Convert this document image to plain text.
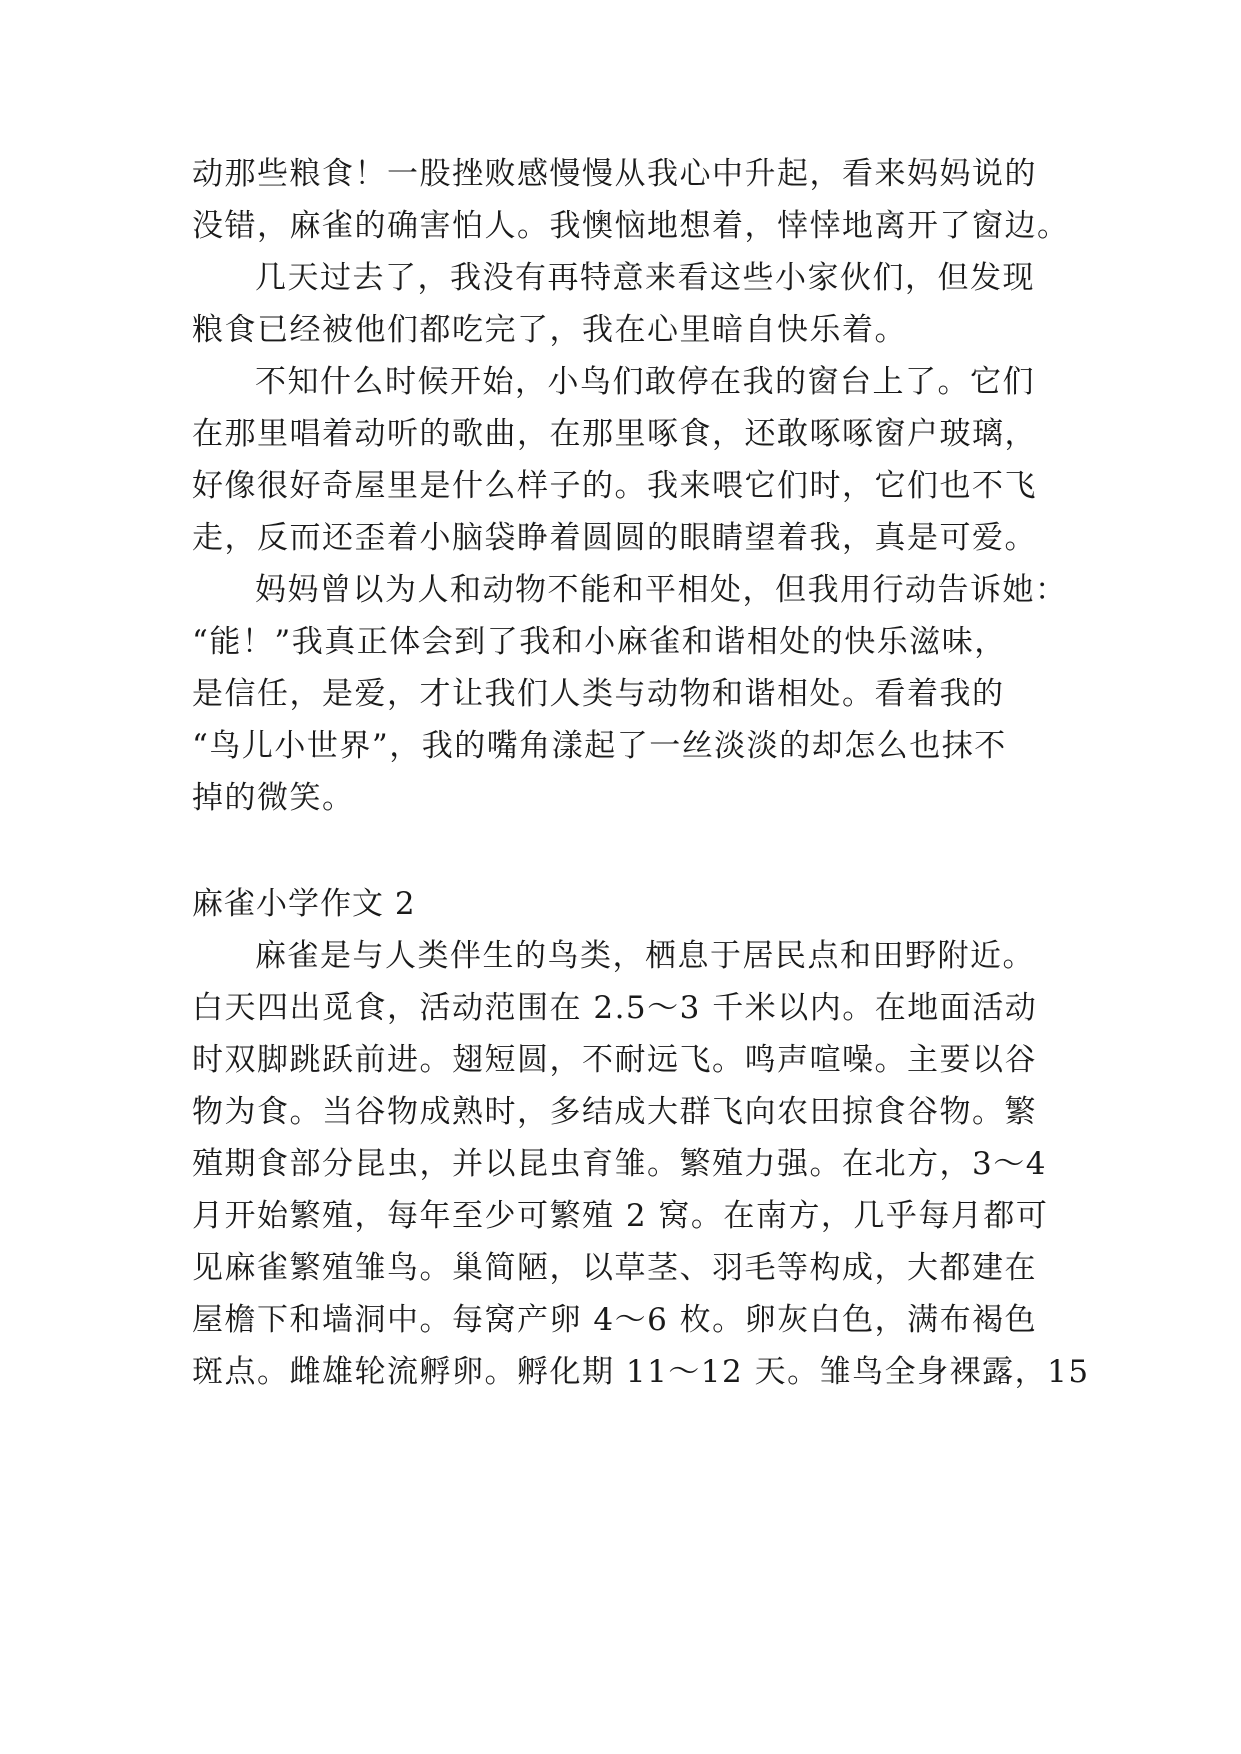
动那些粮食！一股挫败感慢慢从我心中升起，看来妈妈说的
没错，麻雀的确害怕人。我懊恼地想着，悻悻地离开了窗边。
几天过去了，我没有再特意来看这些小家伙们，但发现
粮食已经被他们都吃完了，我在心里暗自快乐着。
不知什么时候开始，小鸟们敢停在我的窗台上了。它们
在那里唱着动听的歌曲，在那里啄食，还敢啄啄窗户玻璃，
好像很好奇屋里是什么样子的。我来喂它们时，它们也不飞
走，反而还歪着小脑袋睁着圆圆的眼睛望着我，真是可爱。
妈妈曾以为人和动物不能和平相处，但我用行动告诉她：
“能！”我真正体会到了我和小麻雀和谐相处的快乐滋味，
是信任，是爱，才让我们人类与动物和谐相处。看着我的
“鸟儿小世界”，我的嘴角漾起了一丝淡淡的却怎么也抹不
掉的微笑。
麻雀小学作文 2
麻雀是与人类伴生的鸟类，栖息于居民点和田野附近。
白天四出觅食，活动范围在 2.5～3 千米以内。在地面活动
时双脚跳跃前进。翅短圆，不耐远飞。鸣声喧噪。主要以谷
物为食。当谷物成熟时，多结成大群飞向农田掠食谷物。繁
殖期食部分昆虫，并以昆虫育雏。繁殖力强。在北方，3～4
月开始繁殖，每年至少可繁殖 2 窝。在南方，几乎每月都可
见麻雀繁殖雏鸟。巢简陋，以草茎、羽毛等构成，大都建在
屋檐下和墙洞中。每窝产卵 4～6 枚。卵灰白色，满布褐色
斑点。雌雄轮流孵卵。孵化期 11～12 天。雏鸟全身裸露，15
